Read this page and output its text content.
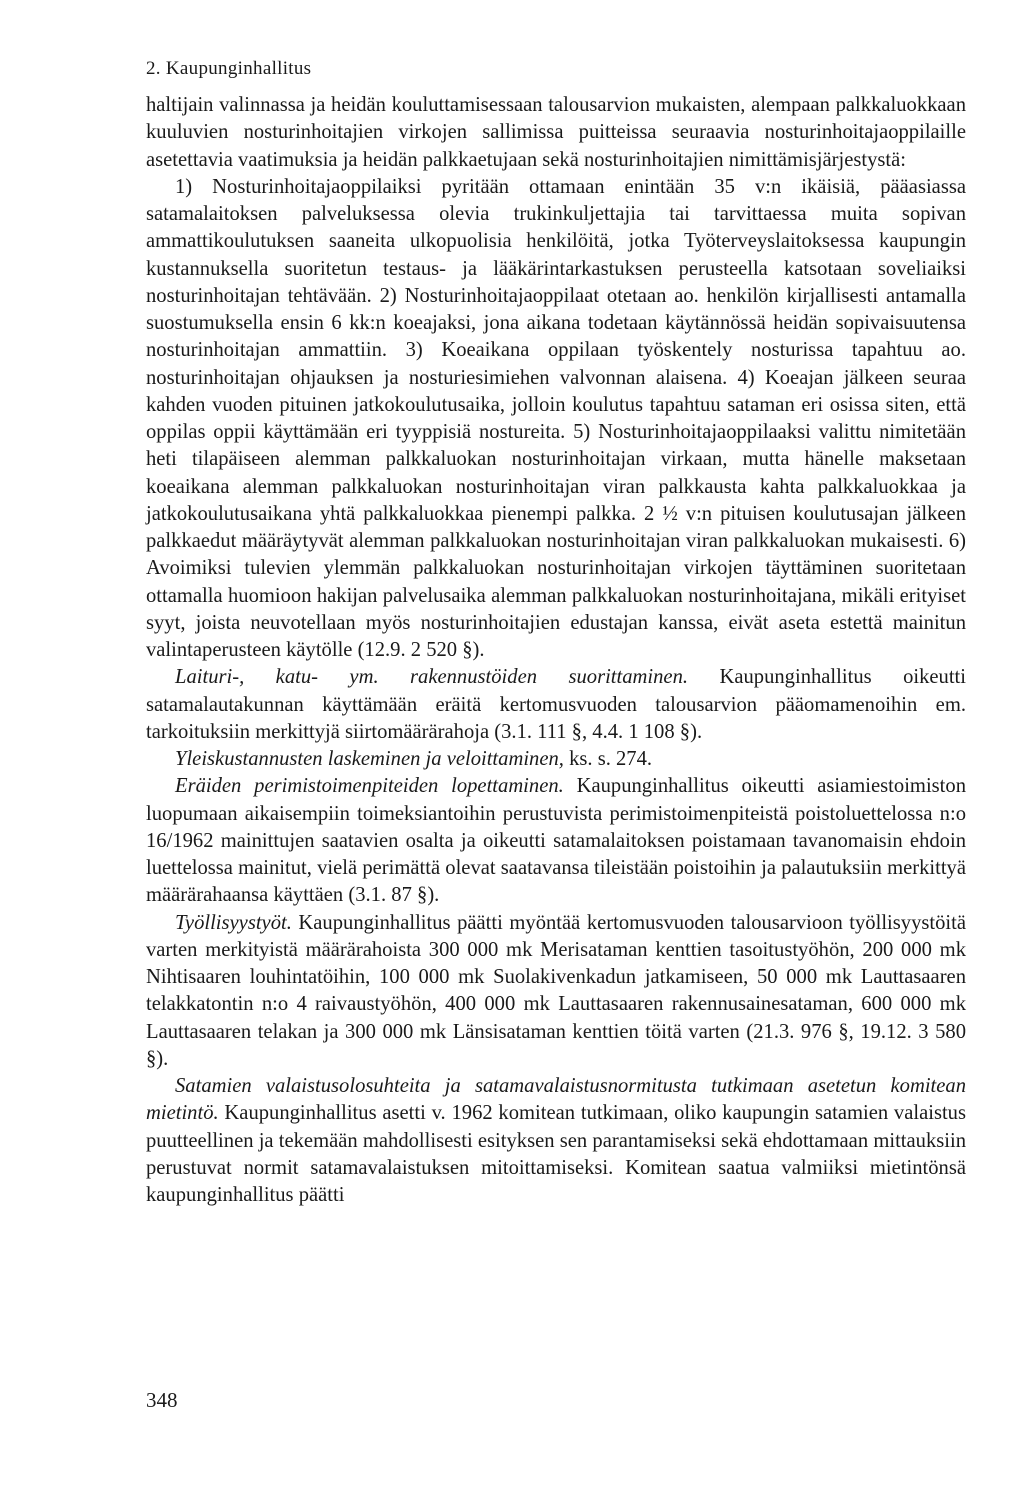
2. Kaupunginhallitus

haltijain valinnassa ja heidän kouluttamisessaan talousarvion mukaisten, alempaan palkkaluokkaan kuuluvien nosturinhoitajien virkojen sallimissa puitteissa seuraavia nosturinhoitajaoppilaille asetettavia vaatimuksia ja heidän palkkaetujaan sekä nosturinhoitajien nimittämisjärjestystä:

1) Nosturinhoitajaoppilaiksi pyritään ottamaan enintään 35 v:n ikäisiä, pääasiassa satamalaitoksen palveluksessa olevia trukinkuljettajia tai tarvittaessa muita sopivan ammattikoulutuksen saaneita ulkopuolisia henkilöitä, jotka Työterveyslaitoksessa kaupungin kustannuksella suoritetun testaus- ja lääkärintarkastuksen perusteella katsotaan soveliaiksi nosturinhoitajan tehtävään. 2) Nosturinhoitajaoppilaat otetaan ao. henkilön kirjallisesti antamalla suostumuksella ensin 6 kk:n koeajaksi, jona aikana todetaan käytännössä heidän sopivaisuutensa nosturinhoitajan ammattiin. 3) Koeaikana oppilaan työskentely nosturissa tapahtuu ao. nosturinhoitajan ohjauksen ja nosturiesimiehen valvonnan alaisena. 4) Koeajan jälkeen seuraa kahden vuoden pituinen jatkokoulutusaika, jolloin koulutus tapahtuu sataman eri osissa siten, että oppilas oppii käyttämään eri tyyppisiä nostureita. 5) Nosturinhoitajaoppilaaksi valittu nimitetään heti tilapäiseen alemman palkkaluokan nosturinhoitajan virkaan, mutta hänelle maksetaan koeaikana alemman palkkaluokan nosturinhoitajan viran palkkausta kahta palkkaluokkaa ja jatkokoulutusaikana yhtä palkkaluokkaa pienempi palkka. 2 ½ v:n pituisen koulutusajan jälkeen palkkaedut määräytyvät alemman palkkaluokan nosturinhoitajan viran palkkaluokan mukaisesti. 6) Avoimiksi tulevien ylemmän palkkaluokan nosturinhoitajan virkojen täyttäminen suoritetaan ottamalla huomioon hakijan palvelusaika alemman palkkaluokan nosturinhoitajana, mikäli erityiset syyt, joista neuvotellaan myös nosturinhoitajien edustajan kanssa, eivät aseta estettä mainitun valintaperusteen käytölle (12.9. 2 520 §).

Laituri-, katu- ym. rakennustöiden suorittaminen. Kaupunginhallitus oikeutti satamalautakunnan käyttämään eräitä kertomusvuoden talousarvion pääomamenoihin em. tarkoituksiin merkittyjä siirtomäärärahoja (3.1. 111 §, 4.4. 1 108 §).

Yleiskustannusten laskeminen ja veloittaminen, ks. s. 274.

Eräiden perimistoimenpiteiden lopettaminen. Kaupunginhallitus oikeutti asiamiestoimiston luopumaan aikaisempiin toimeksiantoihin perustuvista perimistoimenpiteistä poistoluettelossa n:o 16/1962 mainittujen saatavien osalta ja oikeutti satamalaitoksen poistamaan tavanomaisin ehdoin luettelossa mainitut, vielä perimättä olevat saatavansa tileistään poistoihin ja palautuksiin merkittyä määrärahaansa käyttäen (3.1. 87 §).

Työllisyystyöt. Kaupunginhallitus päätti myöntää kertomusvuoden talousarvioon työllisyystöitä varten merkityistä määrärahoista 300 000 mk Merisataman kenttien tasoitustyöhön, 200 000 mk Nihtisaaren louhintatöihin, 100 000 mk Suolakivenkadun jatkamiseen, 50 000 mk Lauttasaaren telakkatontin n:o 4 raivaustyöhön, 400 000 mk Lauttasaaren rakennusainesataman, 600 000 mk Lauttasaaren telakan ja 300 000 mk Länsisataman kenttien töitä varten (21.3. 976 §, 19.12. 3 580 §).

Satamien valaistusolosuhteita ja satamavalaistusnormitusta tutkimaan asetetun komitean mietintö. Kaupunginhallitus asetti v. 1962 komitean tutkimaan, oliko kaupungin satamien valaistus puutteellinen ja tekemään mahdollisesti esityksen sen parantamiseksi sekä ehdottamaan mittauksiin perustuvat normit satamavalaistuksen mitoittamiseksi. Komitean saatua valmiiksi mietintönsä kaupunginhallitus päätti

348
